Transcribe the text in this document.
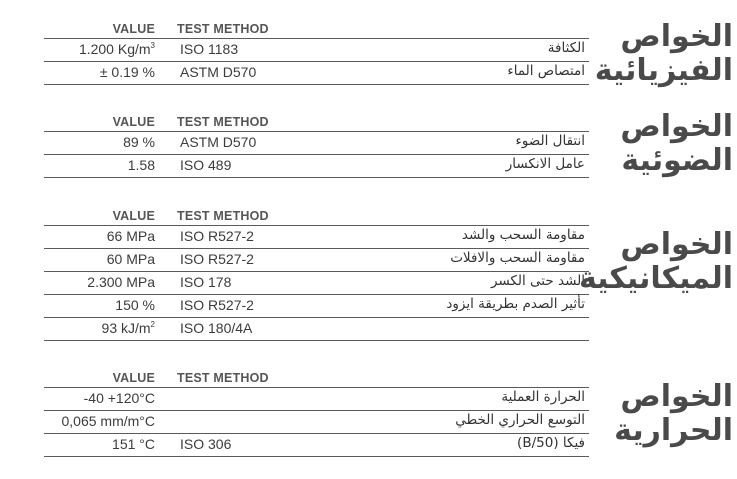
VALUE TEST METHOD
1.200 $Kg/m^3$ ISO 1183	الكثافة
± 0.19 % ASTM D570	امتصاص الماء
الخواص
الفيزيائية
VALUE TEST METHOD
89 % ASTM D570	انتقال الضوء
1.58 ISO 489	عامل الانكسار
الخواص
الضوئية
VALUE TEST METHOD
66 MPa ISO R527-2	مقاومة السحب والشد
60 MPa ISO R527-2	مقاومة السحب والافلات
2.300 MPa ISO 178	الشد حتى الكسر
150 % ISO R527-2	تأثير الصدم بطريقة ايزود
93 $kJ/m^2$ ISO 180/4A
الخواص
الميكانيكية
VALUE TEST METHOD
-40 +120°C	الحرارة العملية
0,065 mm/m°C	التوسع الحراري الخطي
151 °C ISO 306	فيكا (50/B)
الخواص
الحرارية
